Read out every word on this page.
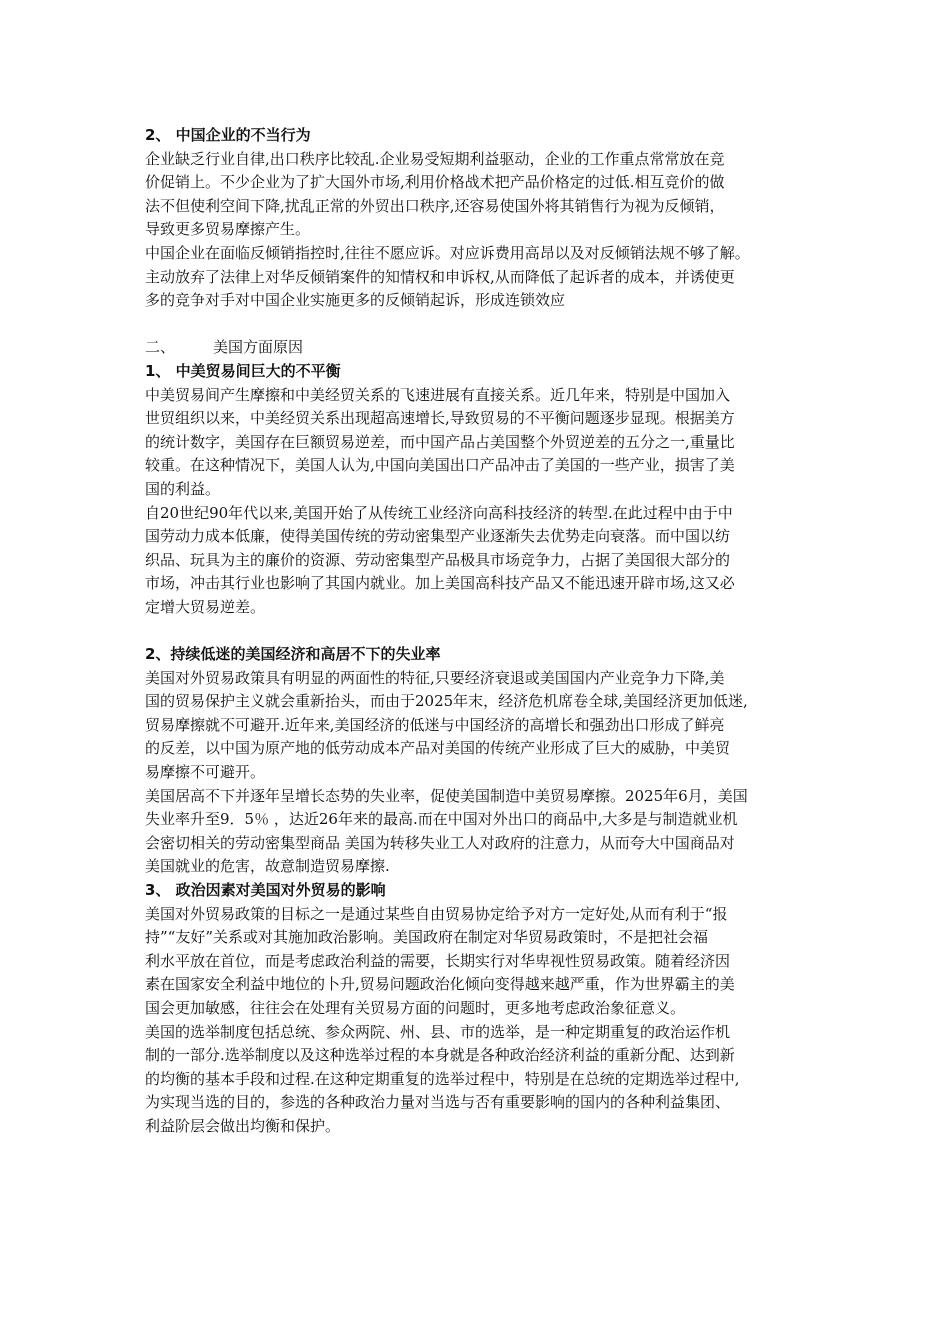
2、 中国企业的不当行为
企业缺乏行业自律,出口秩序比较乱.企业易受短期利益驱动，企业的工作重点常常放在竞
价促销上。不少企业为了扩大国外市场,利用价格战术把产品价格定的过低.相互竞价的做
法不但使利空间下降,扰乱正常的外贸出口秩序,还容易使国外将其销售行为视为反倾销，
导致更多贸易摩擦产生。
中国企业在面临反倾销指控时,往往不愿应诉。对应诉费用高昂以及对反倾销法规不够了解。
主动放弃了法律上对华反倾销案件的知情权和申诉权,从而降低了起诉者的成本，并诱使更
多的竞争对手对中国企业实施更多的反倾销起诉，形成连锁效应
二、	美国方面原因
1、 中美贸易间巨大的不平衡
中美贸易间产生摩擦和中美经贸关系的飞速进展有直接关系。近几年来，特别是中国加入
世贸组织以来，中美经贸关系出现超高速增长,导致贸易的不平衡问题逐步显现。根据美方
的统计数字，美国存在巨额贸易逆差，而中国产品占美国整个外贸逆差的五分之一,重量比
较重。在这种情况下，美国人认为,中国向美国出口产品冲击了美国的一些产业，损害了美
国的利益。
自20世纪90年代以来,美国开始了从传统工业经济向高科技经济的转型.在此过程中由于中
国劳动力成本低廉，使得美国传统的劳动密集型产业逐渐失去优势走向衰落。而中国以纺
织品、玩具为主的廉价的资源、劳动密集型产品极具市场竞争力，占据了美国很大部分的
市场，冲击其行业也影响了其国内就业。加上美国高科技产品又不能迅速开辟市场,这又必
定增大贸易逆差。
2、持续低迷的美国经济和高居不下的失业率
美国对外贸易政策具有明显的两面性的特征,只要经济衰退或美国国内产业竞争力下降,美
国的贸易保护主义就会重新抬头，而由于2025年末，经济危机席卷全球,美国经济更加低迷,
贸易摩擦就不可避开.近年来,美国经济的低迷与中国经济的高增长和强劲出口形成了鲜亮
的反差，以中国为原产地的低劳动成本产品对美国的传统产业形成了巨大的威胁，中美贸
易摩擦不可避开。
美国居高不下并逐年呈增长态势的失业率，促使美国制造中美贸易摩擦。2025年6月，美国
失业率升至9．5％ ，达近26年来的最高.而在中国对外出口的商品中,大多是与制造就业机
会密切相关的劳动密集型商品 美国为转移失业工人对政府的注意力，从而夸大中国商品对
美国就业的危害，故意制造贸易摩擦.
3、 政治因素对美国对外贸易的影响
美国对外贸易政策的目标之一是通过某些自由贸易协定给予对方一定好处,从而有利于“报
持”“友好”关系或对其施加政治影响。美国政府在制定对华贸易政策时，不是把社会福
利水平放在首位，而是考虑政治利益的需要，长期实行对华卑视性贸易政策。随着经济因
素在国家安全利益中地位的卜升,贸易问题政治化倾向变得越来越严重，作为世界霸主的美
国会更加敏感，往往会在处理有关贸易方面的问题时，更多地考虑政治象征意义。
美国的选举制度包括总统、参众两院、州、县、市的选举，是一种定期重复的政治运作机
制的一部分.选举制度以及这种选举过程的本身就是各种政治经济利益的重新分配、达到新
的均衡的基本手段和过程.在这种定期重复的选举过程中，特别是在总统的定期选举过程中,
为实现当选的目的，参选的各种政治力量对当选与否有重要影响的国内的各种利益集团、
利益阶层会做出均衡和保护。
